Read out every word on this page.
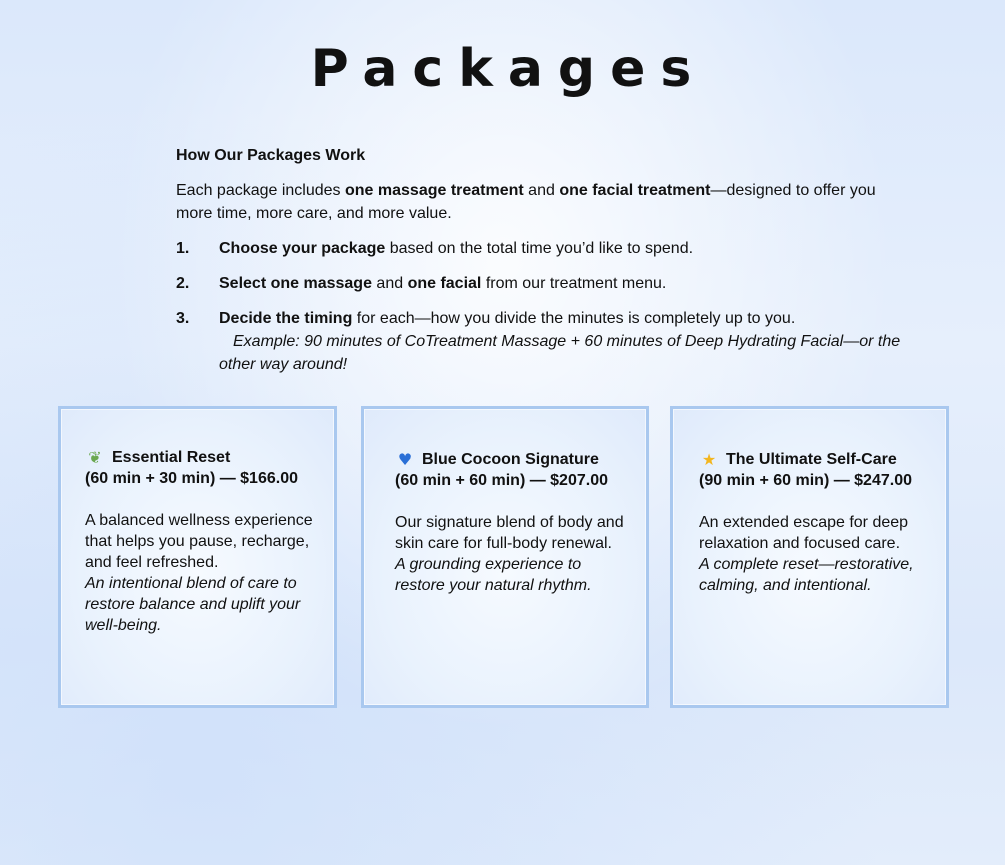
Packages

How Our Packages Work

Each package includes one massage treatment and one facial treatment—designed to offer you more time, more care, and more value.

1.	Choose your package based on the total time you’d like to spend.
2.	Select one massage and one facial from our treatment menu.
3.	Decide the timing for each—how you divide the minutes is completely up to you.
Example: 90 minutes of CoTreatment Massage + 60 minutes of Deep Hydrating Facial—or the other way around!
❦ Essential Reset
(60 min + 30 min) — $166.00

A balanced wellness experience that helps you pause, recharge, and feel refreshed.

An intentional blend of care to restore balance and uplift your well-being.

♥ Blue Cocoon Signature
(60 min + 60 min) — $207.00

Our signature blend of body and skin care for full-body renewal.

A grounding experience to restore your natural rhythm.

★ The Ultimate Self-Care
(90 min + 60 min) — $247.00

An extended escape for deep relaxation and focused care.

A complete reset—restorative, calming, and intentional.
